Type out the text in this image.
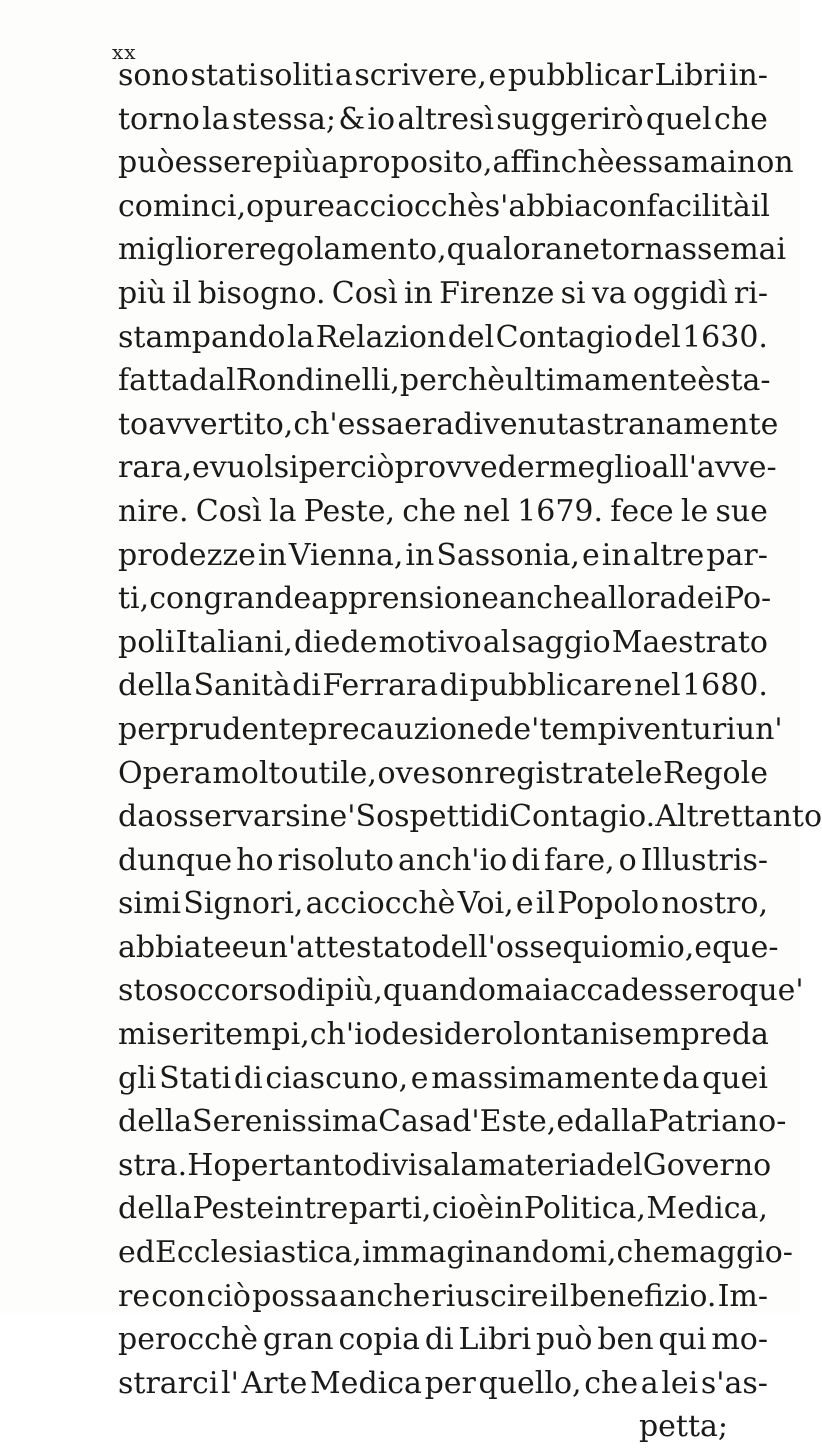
xx
sono stati soliti a scrivere, e pubblicar Libri in-
torno la stessa; & io altresì suggerirò quel che
può essere più a proposito, affinchè essa mai non
cominci, o pure acciocchè s'abbia con facilità il
migliore regolamento, qualora ne tornasse mai
più il bisogno. Così in Firenze si va oggidì ri-
stampando la Relazion del Contagio del 1630.
fatta dal Rondinelli, perchè ultimamente è sta-
to avvertito, ch'essa era divenuta stranamente
rara, e vuolsi perciò provveder meglio all'avve-
nire. Così la Peste, che nel 1679. fece le sue
prodezze in Vienna, in Sassonia, e in altre par-
ti, con grande apprensione anche allora dei Po-
poli Italiani, diede motivo al saggio Maestrato
della Sanità di Ferrara di pubblicare nel 1680.
per prudente precauzione de' tempi venturi un'
Opera molto utile, ove son registrate le Regole
da osservarsi ne' Sospetti di Contagio. Altrettanto
dunque ho risoluto anch'io di fare, o Illustris-
simi Signori, acciocchè Voi, e il Popolo nostro,
abbiate e un'attestato dell'ossequio mio, e que-
sto soccorso di più, quando mai accadessero que'
miseri tempi, ch'io desidero lontani sempre da
gli Stati di ciascuno, e massimamente da quei
della Serenissima Casa d'Este, e dalla Patria no-
stra. Ho pertanto divisa la materia del Governo
della Peste in tre parti, cioè in Politica, Medica,
ed Ecclesiastica, immaginandomi, che maggio-
re con ciò possa anche riuscire il benefizio. Im-
perocchè gran copia di Libri può ben qui mo-
strarci l' Arte Medica per quello, che a lei s'as-
petta;
